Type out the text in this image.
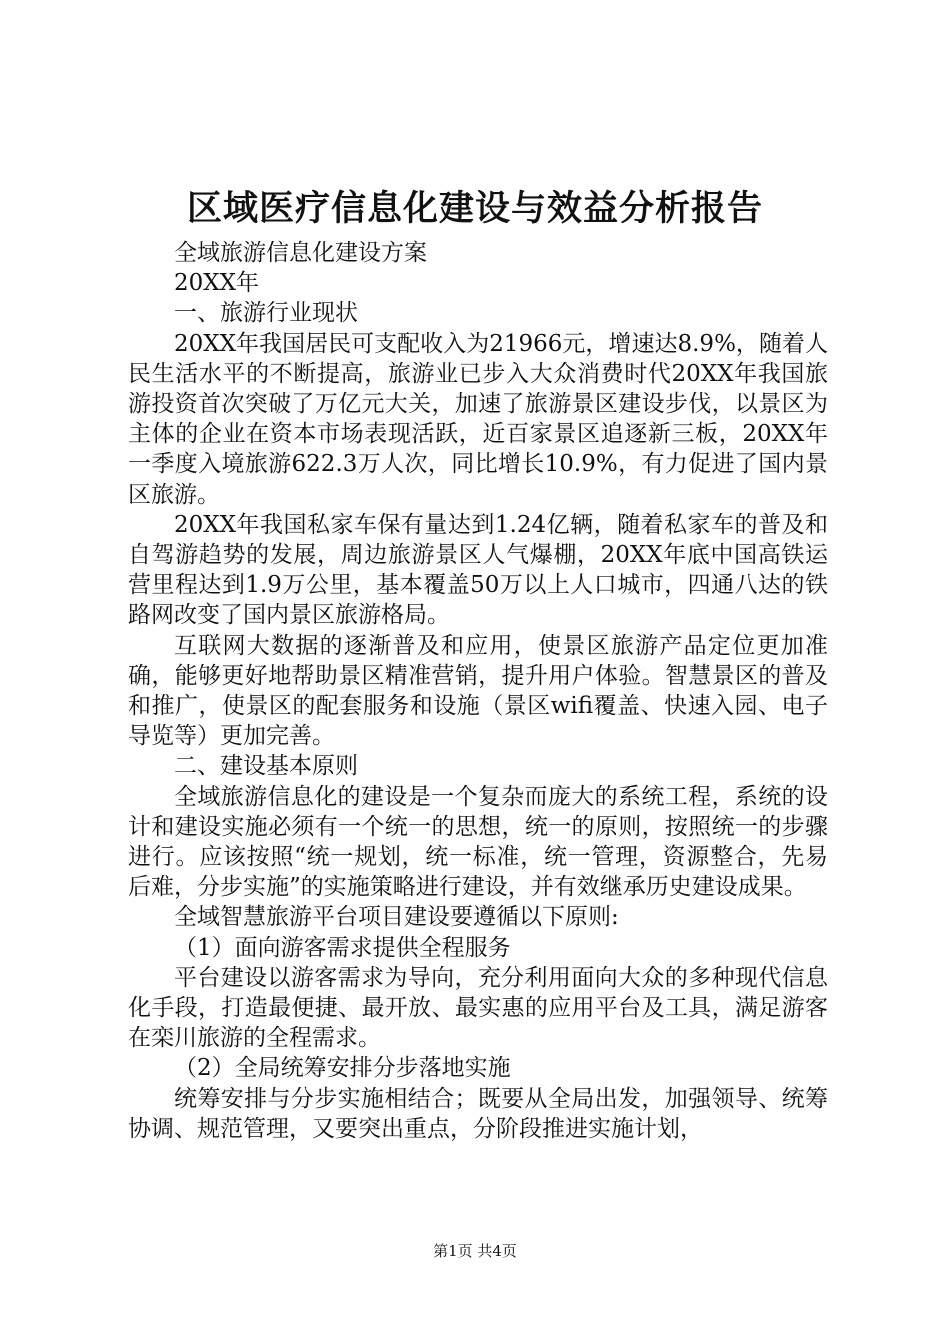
区域医疗信息化建设与效益分析报告

全域旅游信息化建设方案

20XX年

一、旅游行业现状

20XX年我国居民可支配收入为21966元，增速达8.9%，随着人民生活水平的不断提高，旅游业已步入大众消费时代20XX年我国旅游投资首次突破了万亿元大关，加速了旅游景区建设步伐，以景区为主体的企业在资本市场表现活跃，近百家景区追逐新三板，20XX年一季度入境旅游622.3万人次，同比增长10.9%，有力促进了国内景区旅游。

20XX年我国私家车保有量达到1.24亿辆，随着私家车的普及和自驾游趋势的发展，周边旅游景区人气爆棚，20XX年底中国高铁运营里程达到1.9万公里，基本覆盖50万以上人口城市，四通八达的铁路网改变了国内景区旅游格局。

互联网大数据的逐渐普及和应用，使景区旅游产品定位更加准确，能够更好地帮助景区精准营销，提升用户体验。智慧景区的普及和推广，使景区的配套服务和设施（景区wifi覆盖、快速入园、电子导览等）更加完善。

二、建设基本原则

全域旅游信息化的建设是一个复杂而庞大的系统工程，系统的设计和建设实施必须有一个统一的思想，统一的原则，按照统一的步骤进行。应该按照“统一规划，统一标准，统一管理，资源整合，先易后难，分步实施”的实施策略进行建设，并有效继承历史建设成果。

全域智慧旅游平台项目建设要遵循以下原则:

（1）面向游客需求提供全程服务

平台建设以游客需求为导向，充分利用面向大众的多种现代信息化手段，打造最便捷、最开放、最实惠的应用平台及工具，满足游客在栾川旅游的全程需求。

（2）全局统筹安排分步落地实施

统筹安排与分步实施相结合；既要从全局出发，加强领导、统筹协调、规范管理，又要突出重点，分阶段推进实施计划，

第1页 共4页
